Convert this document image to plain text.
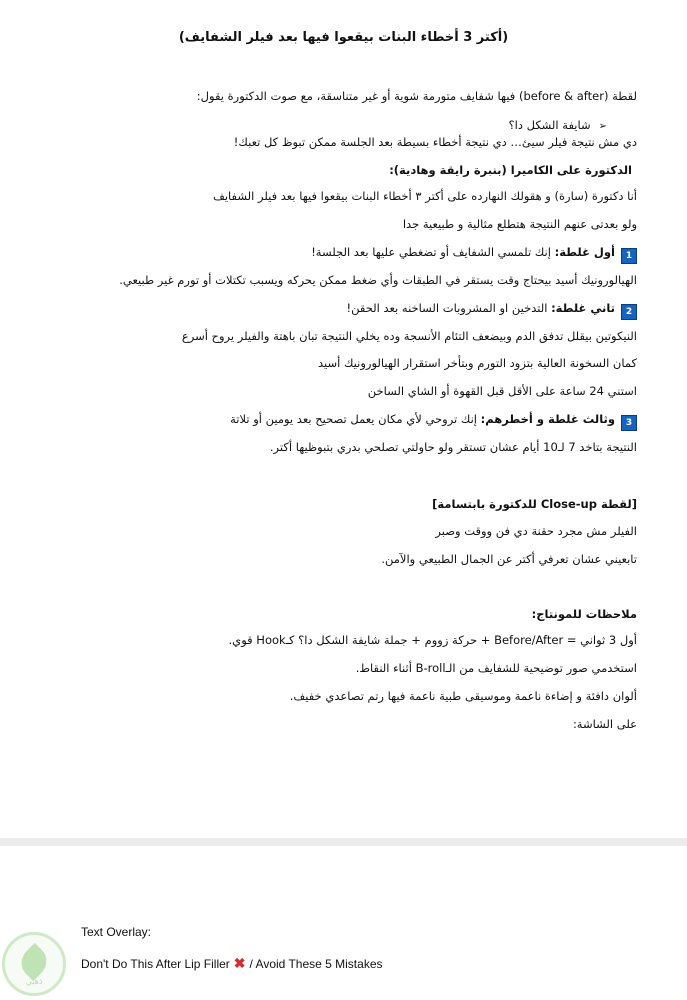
(أكتر 3 أخطاء البنات بيقعوا فيها بعد فيلر الشفايف)
لقطة (before & after) فيها شفايف متورمة شوية أو غير متناسقة، مع صوت الدكتورة يقول:
➢شايفة الشكل دا؟
دي مش نتيجة فيلر سيئ… دي نتيجة أخطاء بسيطة بعد الجلسة ممكن تبوظ كل تعبك!
الدكتورة على الكاميرا (بنبرة رايقة وهادية):
أنا دكتورة (سارة) و هقولك النهارده على أكتر ٣ أخطاء البنات بيقعوا فيها بعد فيلر الشفايف
ولو بعدتى عنهم النتيجة هتطلع مثالية و طبيعية جدا
1أول غلطة: إنك تلمسي الشفايف أو تضغطي عليها بعد الجلسة!
الهيالورونيك أسيد بيحتاج وقت يستقر في الطبقات وأي ضغط ممكن يحركه ويسبب تكتلات أو تورم غير طبيعي.
2تاني غلطة: التدخين او المشروبات الساخنه بعد الحقن!
النيكوتين بيقلل تدفق الدم وبيضعف التئام الأنسجة وده يخلي النتيجة تبان باهتة والفيلر يروح أسرع
كمان السخونة العالية بتزود التورم وبتأخر استقرار الهيالورونيك أسيد
استني 24 ساعة على الأقل قبل القهوة أو الشاي الساخن
3وثالث غلطة و أخطرهم: إنك تروحي لأي مكان يعمل تصحيح بعد يومين أو تلاتة
النتيجة بتاخد 7 لـ10 أيام عشان تستقر ولو حاولتي تصلحي بدري بتبوظيها أكتر.
[لقطة Close-up للدكتورة بابتسامة]
الفيلر مش مجرد حقنة دي فن ووقت وصبر
تابعيني عشان تعرفي أكتر عن الجمال الطبيعي والآمن.
ملاحظات للمونتاج:
أول 3 ثواني = Before/After + حركة زووم + جملة شايفة الشكل دا؟ كـHook قوي.
استخدمي صور توضيحية للشفايف من الـB-roll أثناء النقاط.
ألوان دافئة و إضاءة ناعمة وموسيقى طبية ناعمة فيها رتم تصاعدي خفيف.
على الشاشة:
Text Overlay:
Don't Do This After Lip Filler ✖ / Avoid These 5 Mistakes
ذهبي
